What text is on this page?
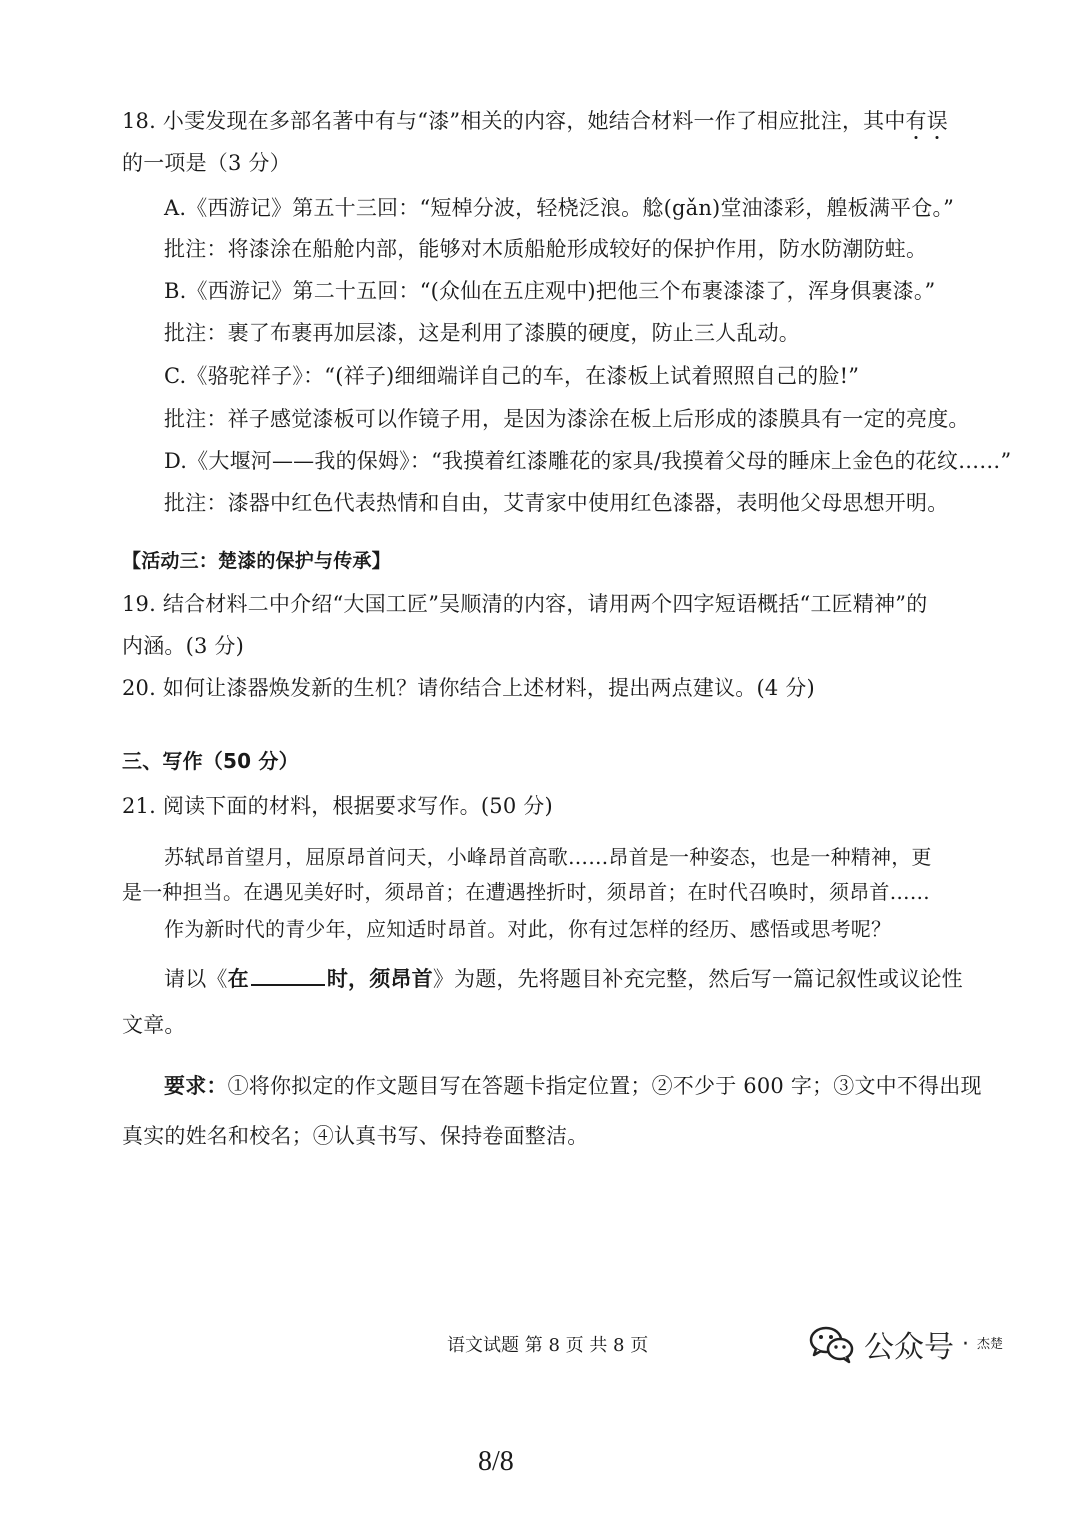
18. 小雯发现在多部名著中有与“漆”相关的内容，她结合材料一作了相应批注，其中有误
的一项是（3 分）
A.《西游记》第五十三回：“短棹分波，轻桡泛浪。艌(gǎn)堂油漆彩，艎板满平仓。”
批注：将漆涂在船舱内部，能够对木质船舱形成较好的保护作用，防水防潮防蛀。
B.《西游记》第二十五回：“(众仙在五庄观中)把他三个布裹漆漆了，浑身俱裹漆。”
批注：裹了布裹再加层漆，这是利用了漆膜的硬度，防止三人乱动。
C.《骆驼祥子》：“(祥子)细细端详自己的车，在漆板上试着照照自己的脸!”
批注：祥子感觉漆板可以作镜子用，是因为漆涂在板上后形成的漆膜具有一定的亮度。
D.《大堰河——我的保姆》：“我摸着红漆雕花的家具/我摸着父母的睡床上金色的花纹……”
批注：漆器中红色代表热情和自由，艾青家中使用红色漆器，表明他父母思想开明。
【活动三：楚漆的保护与传承】
19. 结合材料二中介绍“大国工匠”吴顺清的内容，请用两个四字短语概括“工匠精神”的
内涵。(3 分)
20. 如何让漆器焕发新的生机？请你结合上述材料，提出两点建议。(4 分)
三、写作（50 分）
21. 阅读下面的材料，根据要求写作。(50 分)
苏轼昂首望月，屈原昂首问天，小峰昂首高歌……昂首是一种姿态，也是一种精神，更
是一种担当。在遇见美好时，须昂首；在遭遇挫折时，须昂首；在时代召唤时，须昂首……
作为新时代的青少年，应知适时昂首。对此，你有过怎样的经历、感悟或思考呢？
请以《在	时，须昂首》为题，先将题目补充完整，然后写一篇记叙性或议论性
文章。
要求：①将你拟定的作文题目写在答题卡指定位置；②不少于 600 字；③文中不得出现
真实的姓名和校名；④认真书写、保持卷面整洁。
语文试题 第 8 页 共 8 页	公众号 · 杰楚
8/8
